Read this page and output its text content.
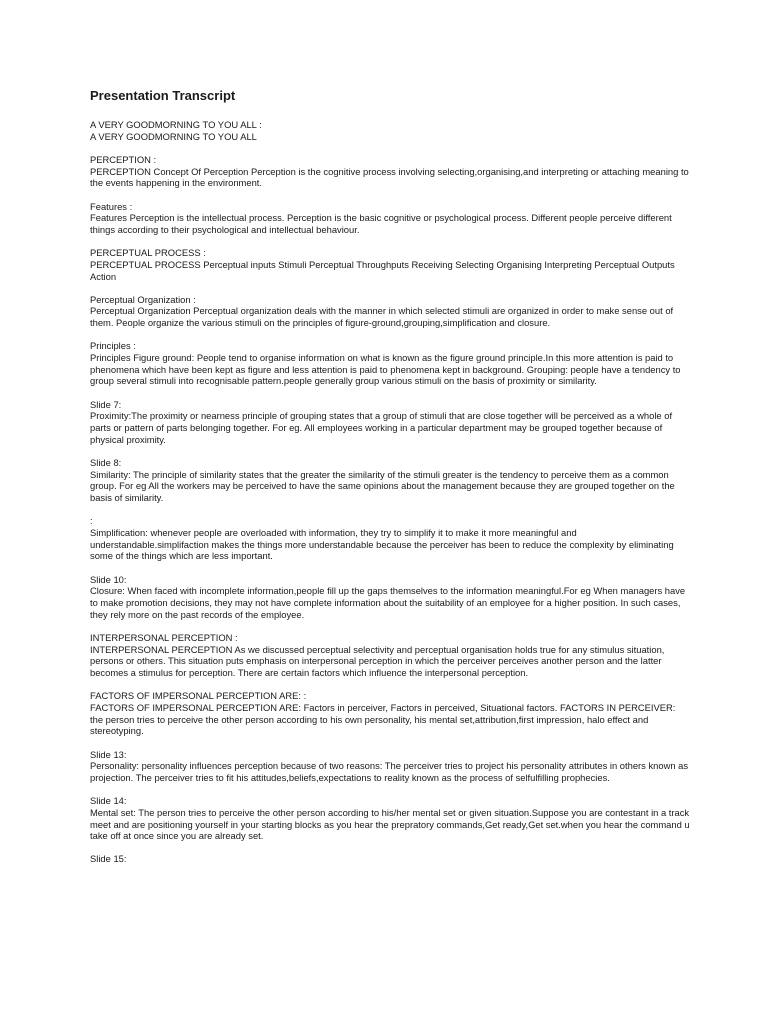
Presentation Transcript
A VERY GOODMORNING TO YOU ALL :
A VERY GOODMORNING TO YOU ALL
PERCEPTION :
PERCEPTION Concept Of Perception Perception is the cognitive process involving selecting,organising,and interpreting or attaching meaning to the events happening in the environment.
Features :
Features Perception is the intellectual process. Perception is the basic cognitive or psychological process. Different people perceive different things according to their psychological and intellectual behaviour.
PERCEPTUAL PROCESS :
PERCEPTUAL PROCESS Perceptual inputs Stimuli Perceptual Throughputs Receiving Selecting Organising Interpreting Perceptual Outputs Action
Perceptual Organization :
Perceptual Organization Perceptual organization deals with the manner in which selected stimuli are organized in order to make sense out of them. People organize the various stimuli on the principles of figure-ground,grouping,simplification and closure.
Principles :
Principles Figure ground: People tend to organise information on what is known as the figure ground principle.In this more attention is paid to phenomena which have been kept as figure and less attention is paid to phenomena kept in background. Grouping: people have a tendency to group several stimuli into recognisable pattern.people generally group various stimuli on the basis of proximity or similarity.
Slide 7:
Proximity:The proximity or nearness principle of grouping states that a group of stimuli that are close together will be perceived as a whole of parts or pattern of parts belonging together. For eg. All employees working in a particular department may be grouped together because of physical proximity.
Slide 8:
Similarity: The principle of similarity states that the greater the similarity of the stimuli greater is the tendency to perceive them as a common group. For eg All the workers may be perceived to have the same opinions about the management because they are grouped together on the basis of similarity.
:
Simplification: whenever people are overloaded with information, they try to simplify it to make it more meaningful and understandable.simplifaction makes the things more understandable because the perceiver has been to reduce the complexity by eliminating some of the things which are less important.
Slide 10:
Closure: When faced with incomplete information,people fill up the gaps themselves to the information meaningful.For eg When managers have to make promotion decisions, they may not have complete information about the suitability of an employee for a higher position. In such cases, they rely more on the past records of the employee.
INTERPERSONAL PERCEPTION :
INTERPERSONAL PERCEPTION As we discussed perceptual selectivity and perceptual organisation holds true for any stimulus situation, persons or others. This situation puts emphasis on interpersonal perception in which the perceiver perceives another person and the latter becomes a stimulus for perception. There are certain factors which influence the interpersonal perception.
FACTORS OF IMPERSONAL PERCEPTION ARE: :
FACTORS OF IMPERSONAL PERCEPTION ARE: Factors in perceiver, Factors in perceived, Situational factors. FACTORS IN PERCEIVER: the person tries to perceive the other person according to his own personality, his mental set,attribution,first impression, halo effect and stereotyping.
Slide 13:
Personality: personality influences perception because of two reasons: The perceiver tries to project his personality attributes in others known as projection. The perceiver tries to fit his attitudes,beliefs,expectations to reality known as the process of selfulfilling prophecies.
Slide 14:
Mental set: The person tries to perceive the other person according to his/her mental set or given situation.Suppose you are contestant in a track meet and are positioning yourself in your starting blocks as you hear the prepratory commands,Get ready,Get set.when you hear the command u take off at once since you are already set.
Slide 15:
